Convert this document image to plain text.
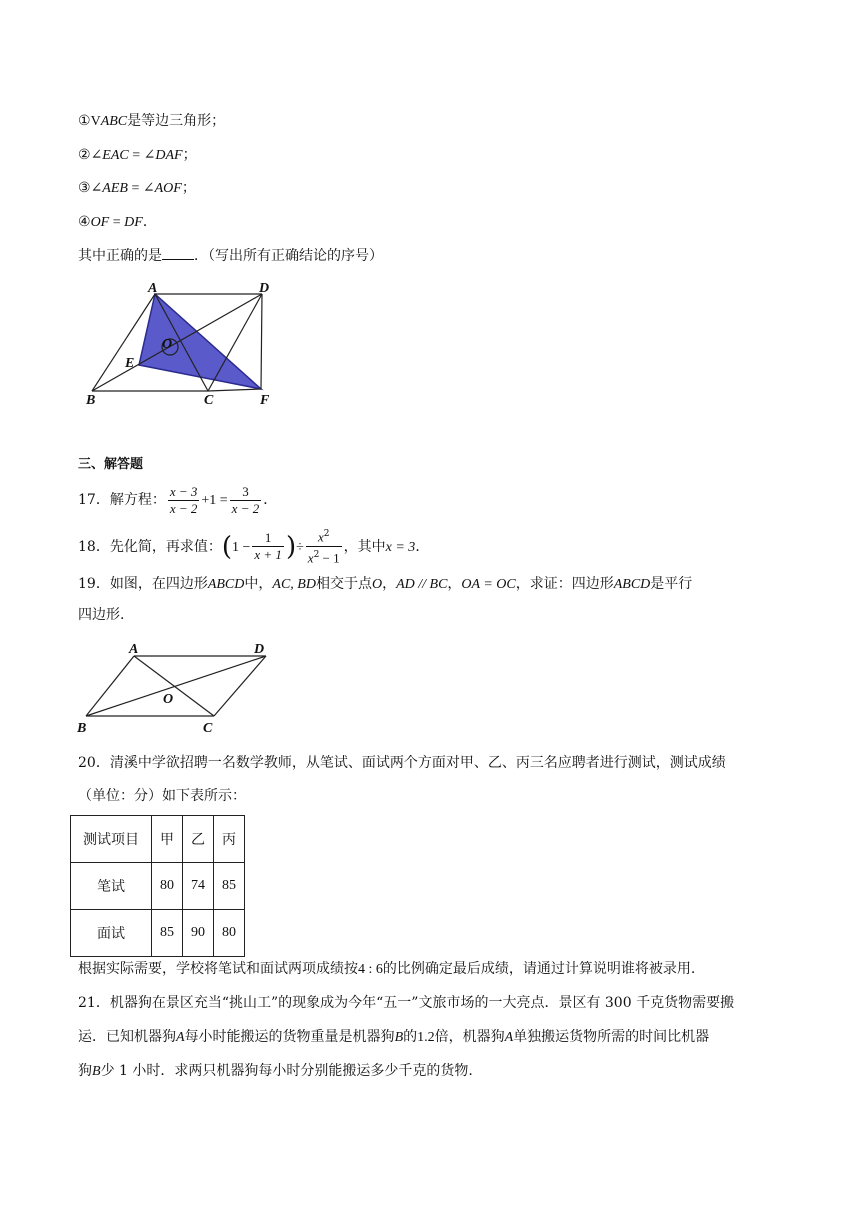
①VABC是等边三角形；
②∠EAC = ∠DAF；
③∠AEB = ∠AOF；
④OF = DF．
其中正确的是 ．（写出所有正确结论的序号）
A	D
O
E
B	C	F
三、解答题
17．解方程： $\frac{x - 3}{x - 2} +1 = \frac{3}{x - 2}$ ．
18．先化简，再求值：($1 - \frac{1}{x + 1}$ )÷ $\frac{x^2}{x^2 - 1}$ ，其中x = 3．
19．如图，在四边形ABCD中，AC, BD相交于点O，AD // BC，OA = OC，求证：四边形ABCD是平行
四边形.
A	D
O
B	C
20．清溪中学欲招聘一名数学教师，从笔试、面试两个方面对甲、乙、丙三名应聘者进行测试，测试成绩
（单位：分）如下表所示：
测试项目	甲	乙	丙
笔试	80	74	85
面试	85	90	80
根据实际需要，学校将笔试和面试两项成绩按4 : 6的比例确定最后成绩，请通过计算说明谁将被录用.
21．机器狗在景区充当“挑山工”的现象成为今年“五一”文旅市场的一大亮点．景区有 300 千克货物需要搬
运．已知机器狗A每小时能搬运的货物重量是机器狗B的1.2倍，机器狗A单独搬运货物所需的时间比机器
狗B少 1 小时．求两只机器狗每小时分别能搬运多少千克的货物.
